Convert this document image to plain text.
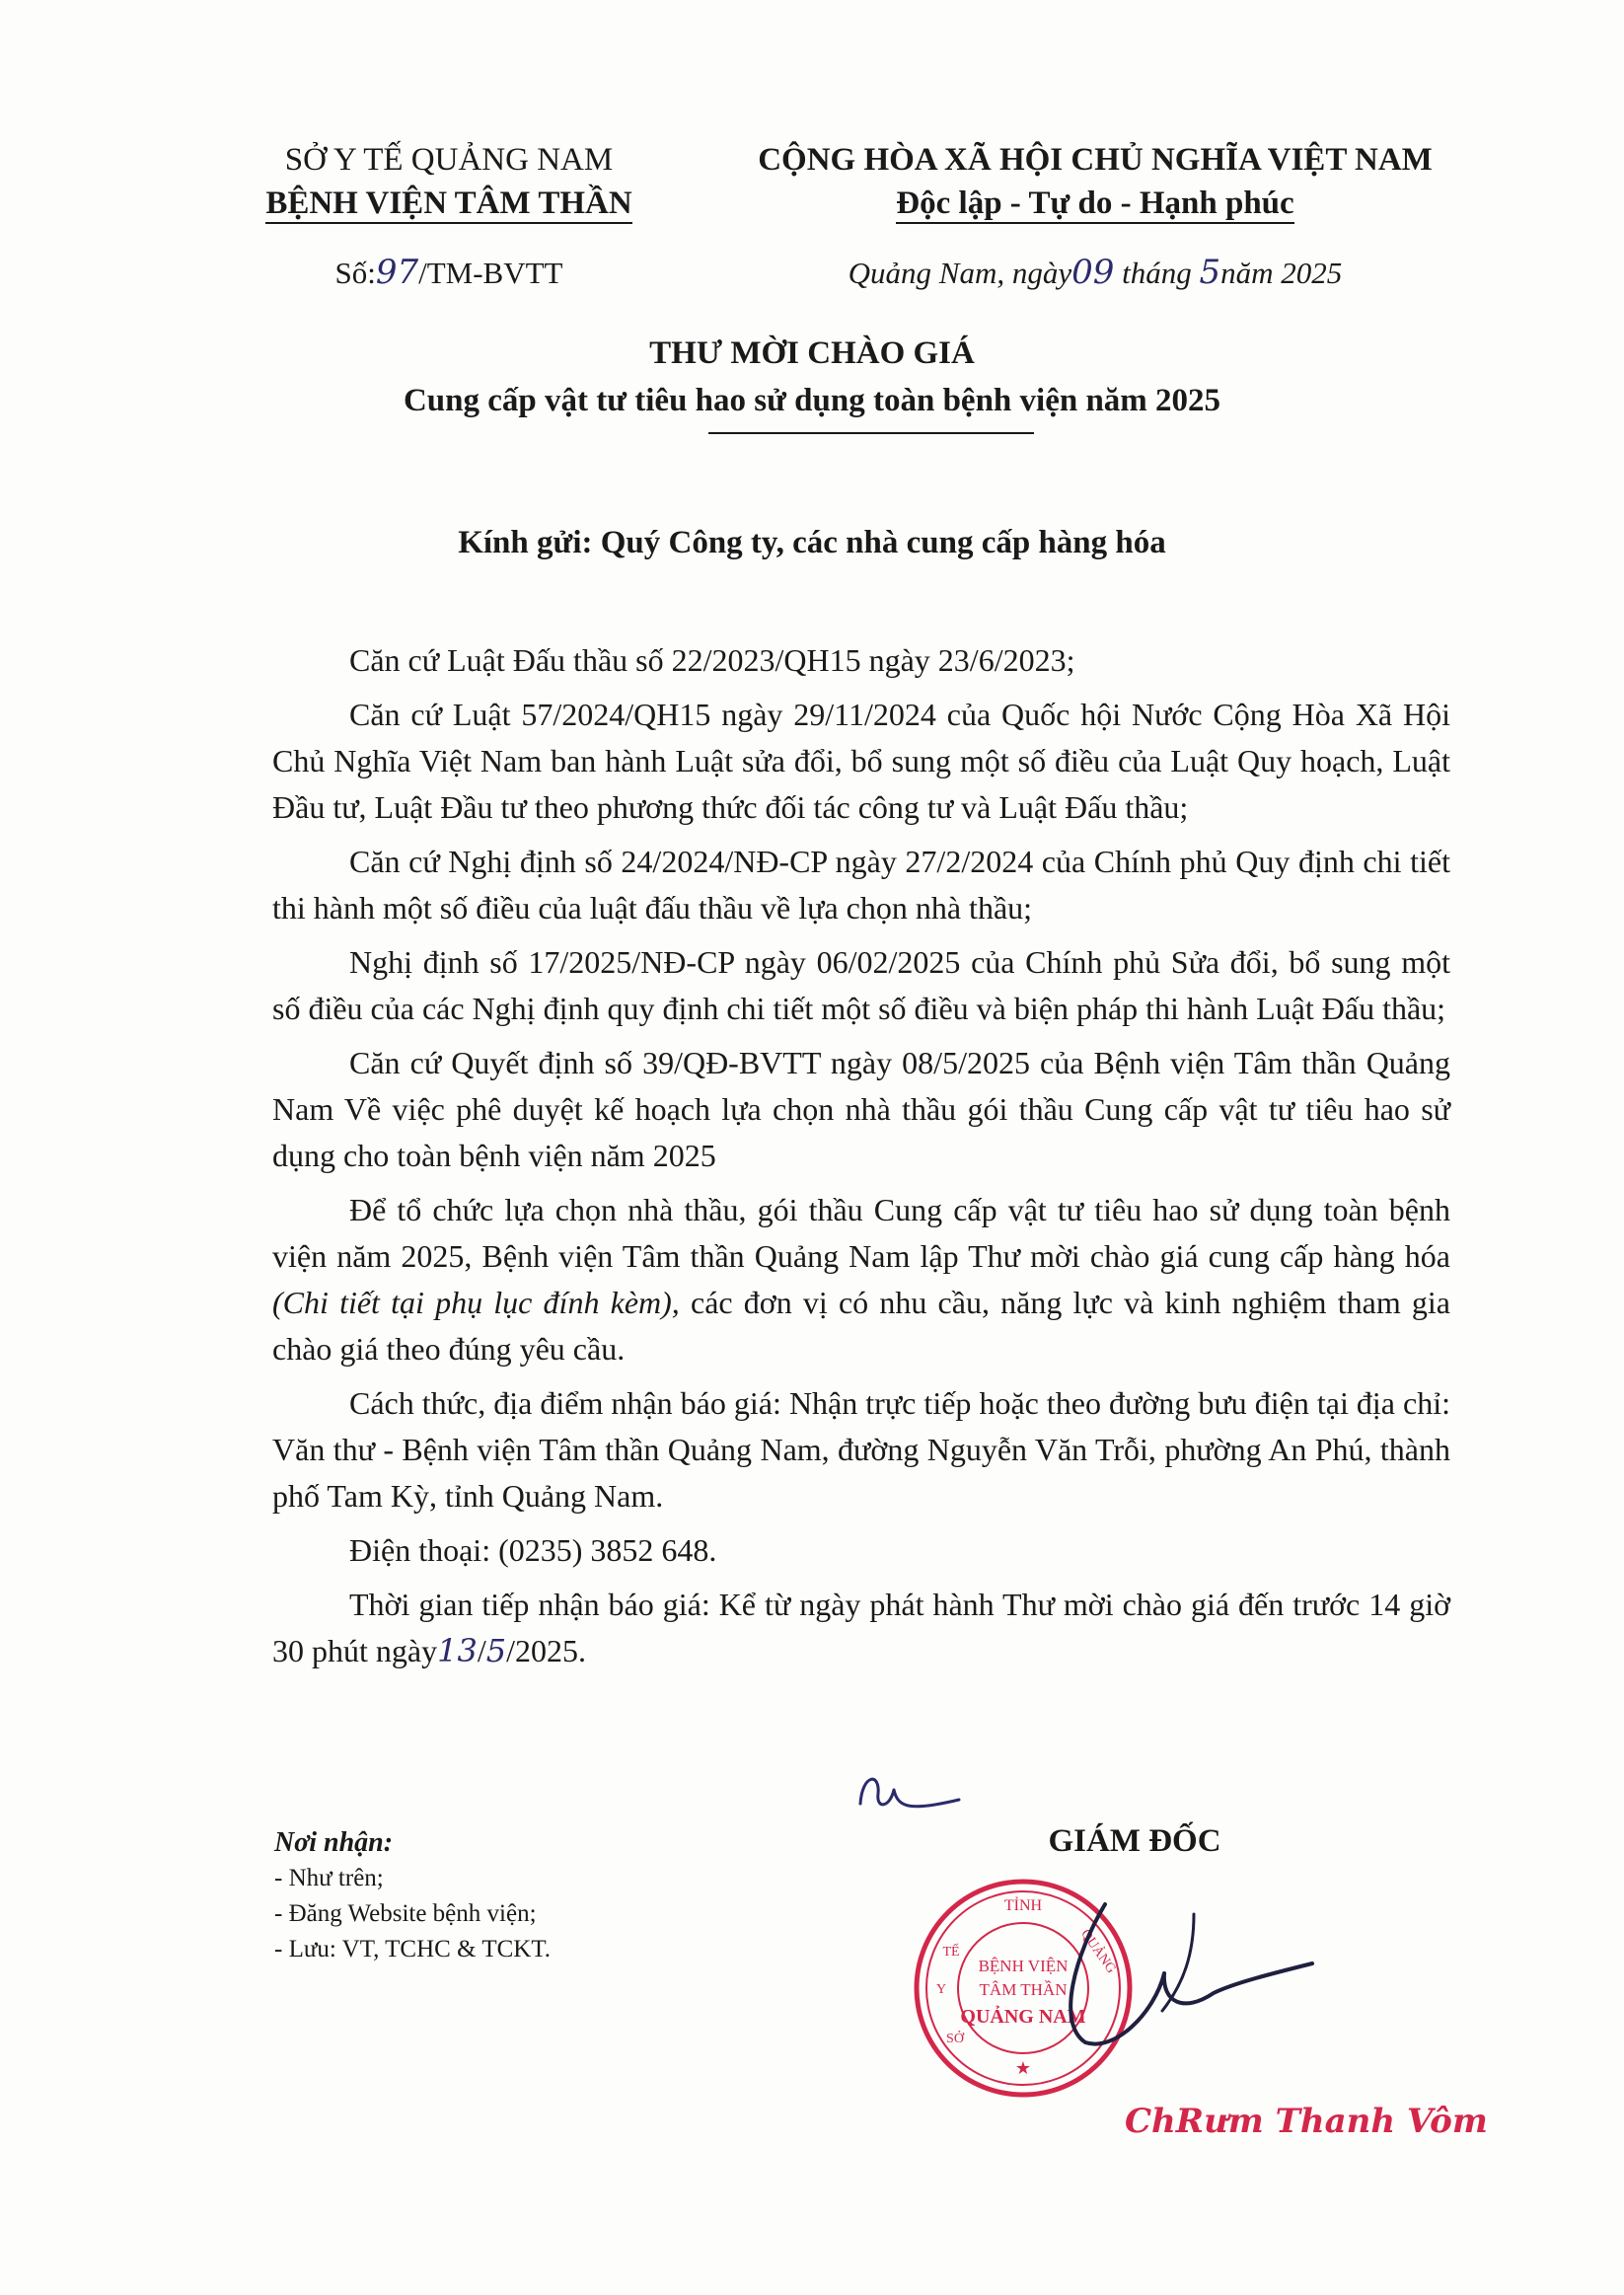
SỞ Y TẾ QUẢNG NAM
BỆNH VIỆN TÂM THẦN
CỘNG HÒA XÃ HỘI CHỦ NGHĨA VIỆT NAM
Độc lập - Tự do - Hạnh phúc
Số:97/TM-BVTT	Quảng Nam, ngày09 tháng 5năm 2025
THƯ MỜI CHÀO GIÁ
Cung cấp vật tư tiêu hao sử dụng toàn bệnh viện năm 2025
Kính gửi: Quý Công ty, các nhà cung cấp hàng hóa

Căn cứ Luật Đấu thầu số 22/2023/QH15 ngày 23/6/2023;

Căn cứ Luật 57/2024/QH15 ngày 29/11/2024 của Quốc hội Nước Cộng Hòa Xã Hội Chủ Nghĩa Việt Nam ban hành Luật sửa đổi, bổ sung một số điều của Luật Quy hoạch, Luật Đầu tư, Luật Đầu tư theo phương thức đối tác công tư và Luật Đấu thầu;

Căn cứ Nghị định số 24/2024/NĐ-CP ngày 27/2/2024 của Chính phủ Quy định chi tiết thi hành một số điều của luật đấu thầu về lựa chọn nhà thầu;

Nghị định số 17/2025/NĐ-CP ngày 06/02/2025 của Chính phủ Sửa đổi, bổ sung một số điều của các Nghị định quy định chi tiết một số điều và biện pháp thi hành Luật Đấu thầu;

Căn cứ Quyết định số 39/QĐ-BVTT ngày 08/5/2025 của Bệnh viện Tâm thần Quảng Nam Về việc phê duyệt kế hoạch lựa chọn nhà thầu gói thầu Cung cấp vật tư tiêu hao sử dụng cho toàn bệnh viện năm 2025

Để tổ chức lựa chọn nhà thầu, gói thầu Cung cấp vật tư tiêu hao sử dụng toàn bệnh viện năm 2025, Bệnh viện Tâm thần Quảng Nam lập Thư mời chào giá cung cấp hàng hóa (Chi tiết tại phụ lục đính kèm), các đơn vị có nhu cầu, năng lực và kinh nghiệm tham gia chào giá theo đúng yêu cầu.

Cách thức, địa điểm nhận báo giá: Nhận trực tiếp hoặc theo đường bưu điện tại địa chỉ: Văn thư - Bệnh viện Tâm thần Quảng Nam, đường Nguyễn Văn Trỗi, phường An Phú, thành phố Tam Kỳ, tỉnh Quảng Nam.

Điện thoại: (0235) 3852 648.

Thời gian tiếp nhận báo giá: Kể từ ngày phát hành Thư mời chào giá đến trước 14 giờ 30 phút ngày13/5/2025.

Nơi nhận:
- Như trên;
- Đăng Website bệnh viện;
- Lưu: VT, TCHC & TCKT.
GIÁM ĐỐC
TỈNH
QUẢNG
TẾ
Y
SỞ
BỆNH VIỆN
TÂM THẦN
QUẢNG NAM
★
ChRưm Thanh Vôm
